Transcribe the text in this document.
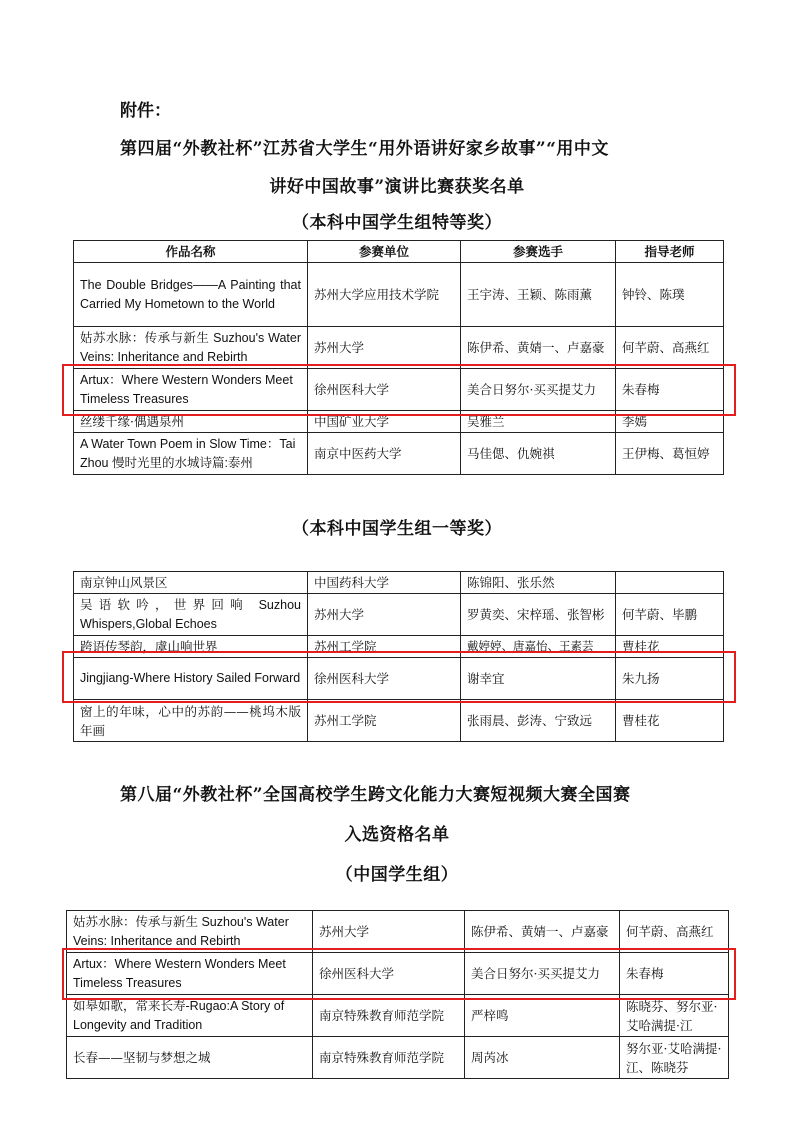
附件：
第四届“外教社杯”江苏省大学生“用外语讲好家乡故事”“用中文
讲好中国故事”演讲比赛获奖名单
（本科中国学生组特等奖）
作品名称	参赛单位	参赛选手	指导老师
The Double Bridges——A Painting that Carried My Hometown to the World	苏州大学应用技术学院	王宇涛、王颖、陈雨薰	钟铃、陈璞

姑苏水脉：传承与新生 Suzhou's Water Veins: Inheritance and Rebirth	苏州大学	陈伊希、黄婧一、卢嘉豪	何芊蔚、高燕红
Artux：Where Western Wonders Meet Timeless Treasures	徐州医科大学	美合日努尔·买买提艾力	朱春梅
丝缕千缘·偶遇泉州	中国矿业大学	吴雅兰	李嫣
A Water Town Poem in Slow Time：Tai Zhou 慢时光里的水城诗篇:泰州	南京中医药大学	马佳偲、仇婉祺	王伊梅、葛恒婷
（本科中国学生组一等奖）
南京钟山风景区	中国药科大学	陈锦阳、张乐然	
吴语软吟，世界回响 Suzhou Whispers,Global Echoes	苏州大学	罗黄奕、宋梓瑶、张智彬	何芊蔚、毕鹏
跨语传琴韵，虞山响世界	苏州工学院	戴婷婷、唐嘉怡、王素芸	曹桂花
Jingjiang-Where History Sailed Forward	徐州医科大学	谢幸宜	朱九扬
窗上的年味，心中的苏韵——桃坞木版年画	苏州工学院	张雨晨、彭涛、宁致远	曹桂花
第八届“外教社杯”全国高校学生跨文化能力大赛短视频大赛全国赛
入选资格名单
（中国学生组）
姑苏水脉：传承与新生 Suzhou's Water Veins: Inheritance and Rebirth	苏州大学	陈伊希、黄婧一、卢嘉豪	何芊蔚、高燕红
Artux：Where Western Wonders Meet Timeless Treasures	徐州医科大学	美合日努尔·买买提艾力	朱春梅

如皋如歌，常来长寿-Rugao:A Story of Longevity and Tradition	南京特殊教育师范学院	严梓鸣	陈晓芬、努尔亚·艾哈满提·江

长春——坚韧与梦想之城	南京特殊教育师范学院	周芮冰	努尔亚·艾哈满提·江、陈晓芬
